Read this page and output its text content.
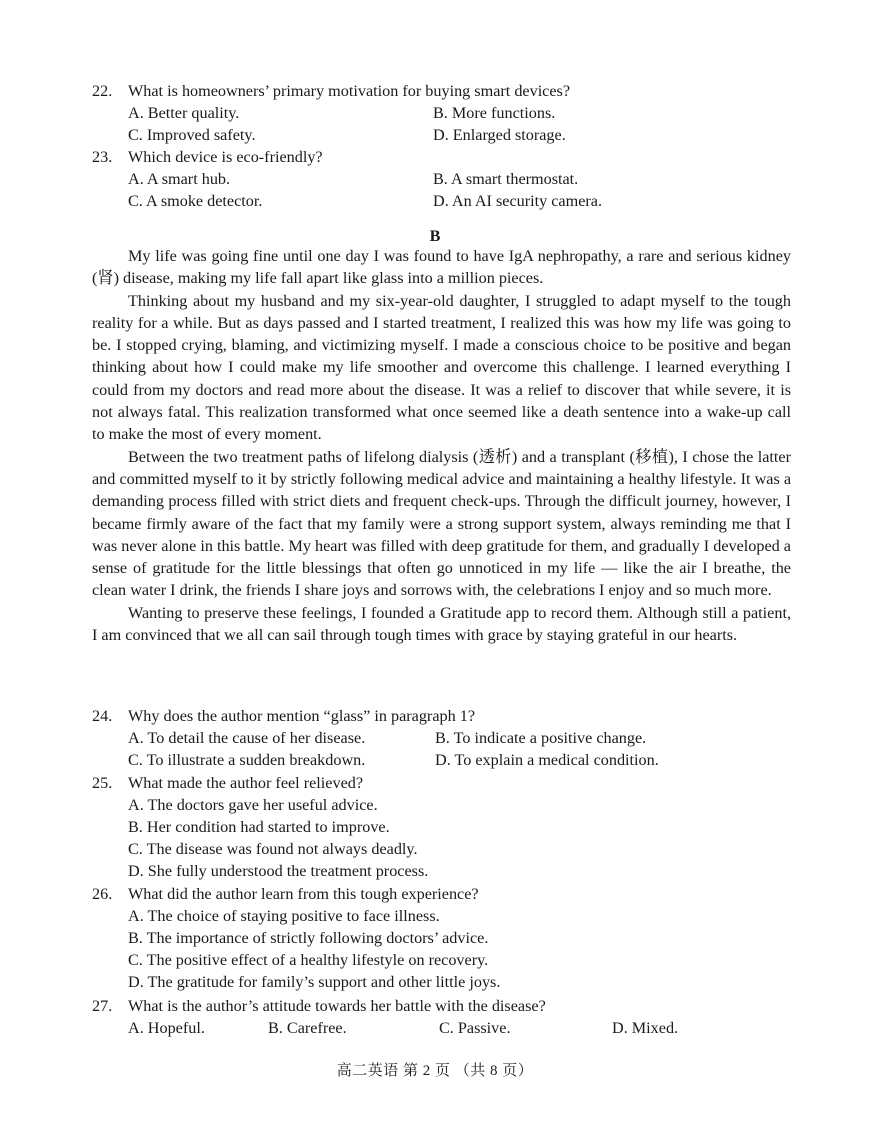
22. What is homeowners’ primary motivation for buying smart devices?
A. Better quality.	B. More functions.
C. Improved safety.	D. Enlarged storage.
23. Which device is eco-friendly?
A. A smart hub.	B. A smart thermostat.
C. A smoke detector.	D. An AI security camera.
B

My life was going fine until one day I was found to have IgA nephropathy, a rare and serious kidney (肾) disease, making my life fall apart like glass into a million pieces.

Thinking about my husband and my six-year-old daughter, I struggled to adapt myself to the tough reality for a while. But as days passed and I started treatment, I realized this was how my life was going to be. I stopped crying, blaming, and victimizing myself. I made a conscious choice to be positive and began thinking about how I could make my life smoother and overcome this challenge. I learned everything I could from my doctors and read more about the disease. It was a relief to discover that while severe, it is not always fatal. This realization transformed what once seemed like a death sentence into a wake-up call to make the most of every moment.

Between the two treatment paths of lifelong dialysis (透析) and a transplant (移植), I chose the latter and committed myself to it by strictly following medical advice and maintaining a healthy lifestyle. It was a demanding process filled with strict diets and frequent check-ups. Through the difficult journey, however, I became firmly aware of the fact that my family were a strong support system, always reminding me that I was never alone in this battle. My heart was filled with deep gratitude for them, and gradually I developed a sense of gratitude for the little blessings that often go unnoticed in my life — like the air I breathe, the clean water I drink, the friends I share joys and sorrows with, the celebrations I enjoy and so much more.

Wanting to preserve these feelings, I founded a Gratitude app to record them. Although still a patient, I am convinced that we all can sail through tough times with grace by staying grateful in our hearts.

24. Why does the author mention “glass” in paragraph 1?
A. To detail the cause of her disease.	B. To indicate a positive change.
C. To illustrate a sudden breakdown.	D. To explain a medical condition.
25. What made the author feel relieved?
A. The doctors gave her useful advice.
B. Her condition had started to improve.
C. The disease was found not always deadly.
D. She fully understood the treatment process.
26. What did the author learn from this tough experience?
A. The choice of staying positive to face illness.
B. The importance of strictly following doctors’ advice.
C. The positive effect of a healthy lifestyle on recovery.
D. The gratitude for family’s support and other little joys.
27. What is the author’s attitude towards her battle with the disease?
A. Hopeful.	B. Carefree.	C. Passive.	D. Mixed.
高二英语 第 2 页 （共 8 页）
